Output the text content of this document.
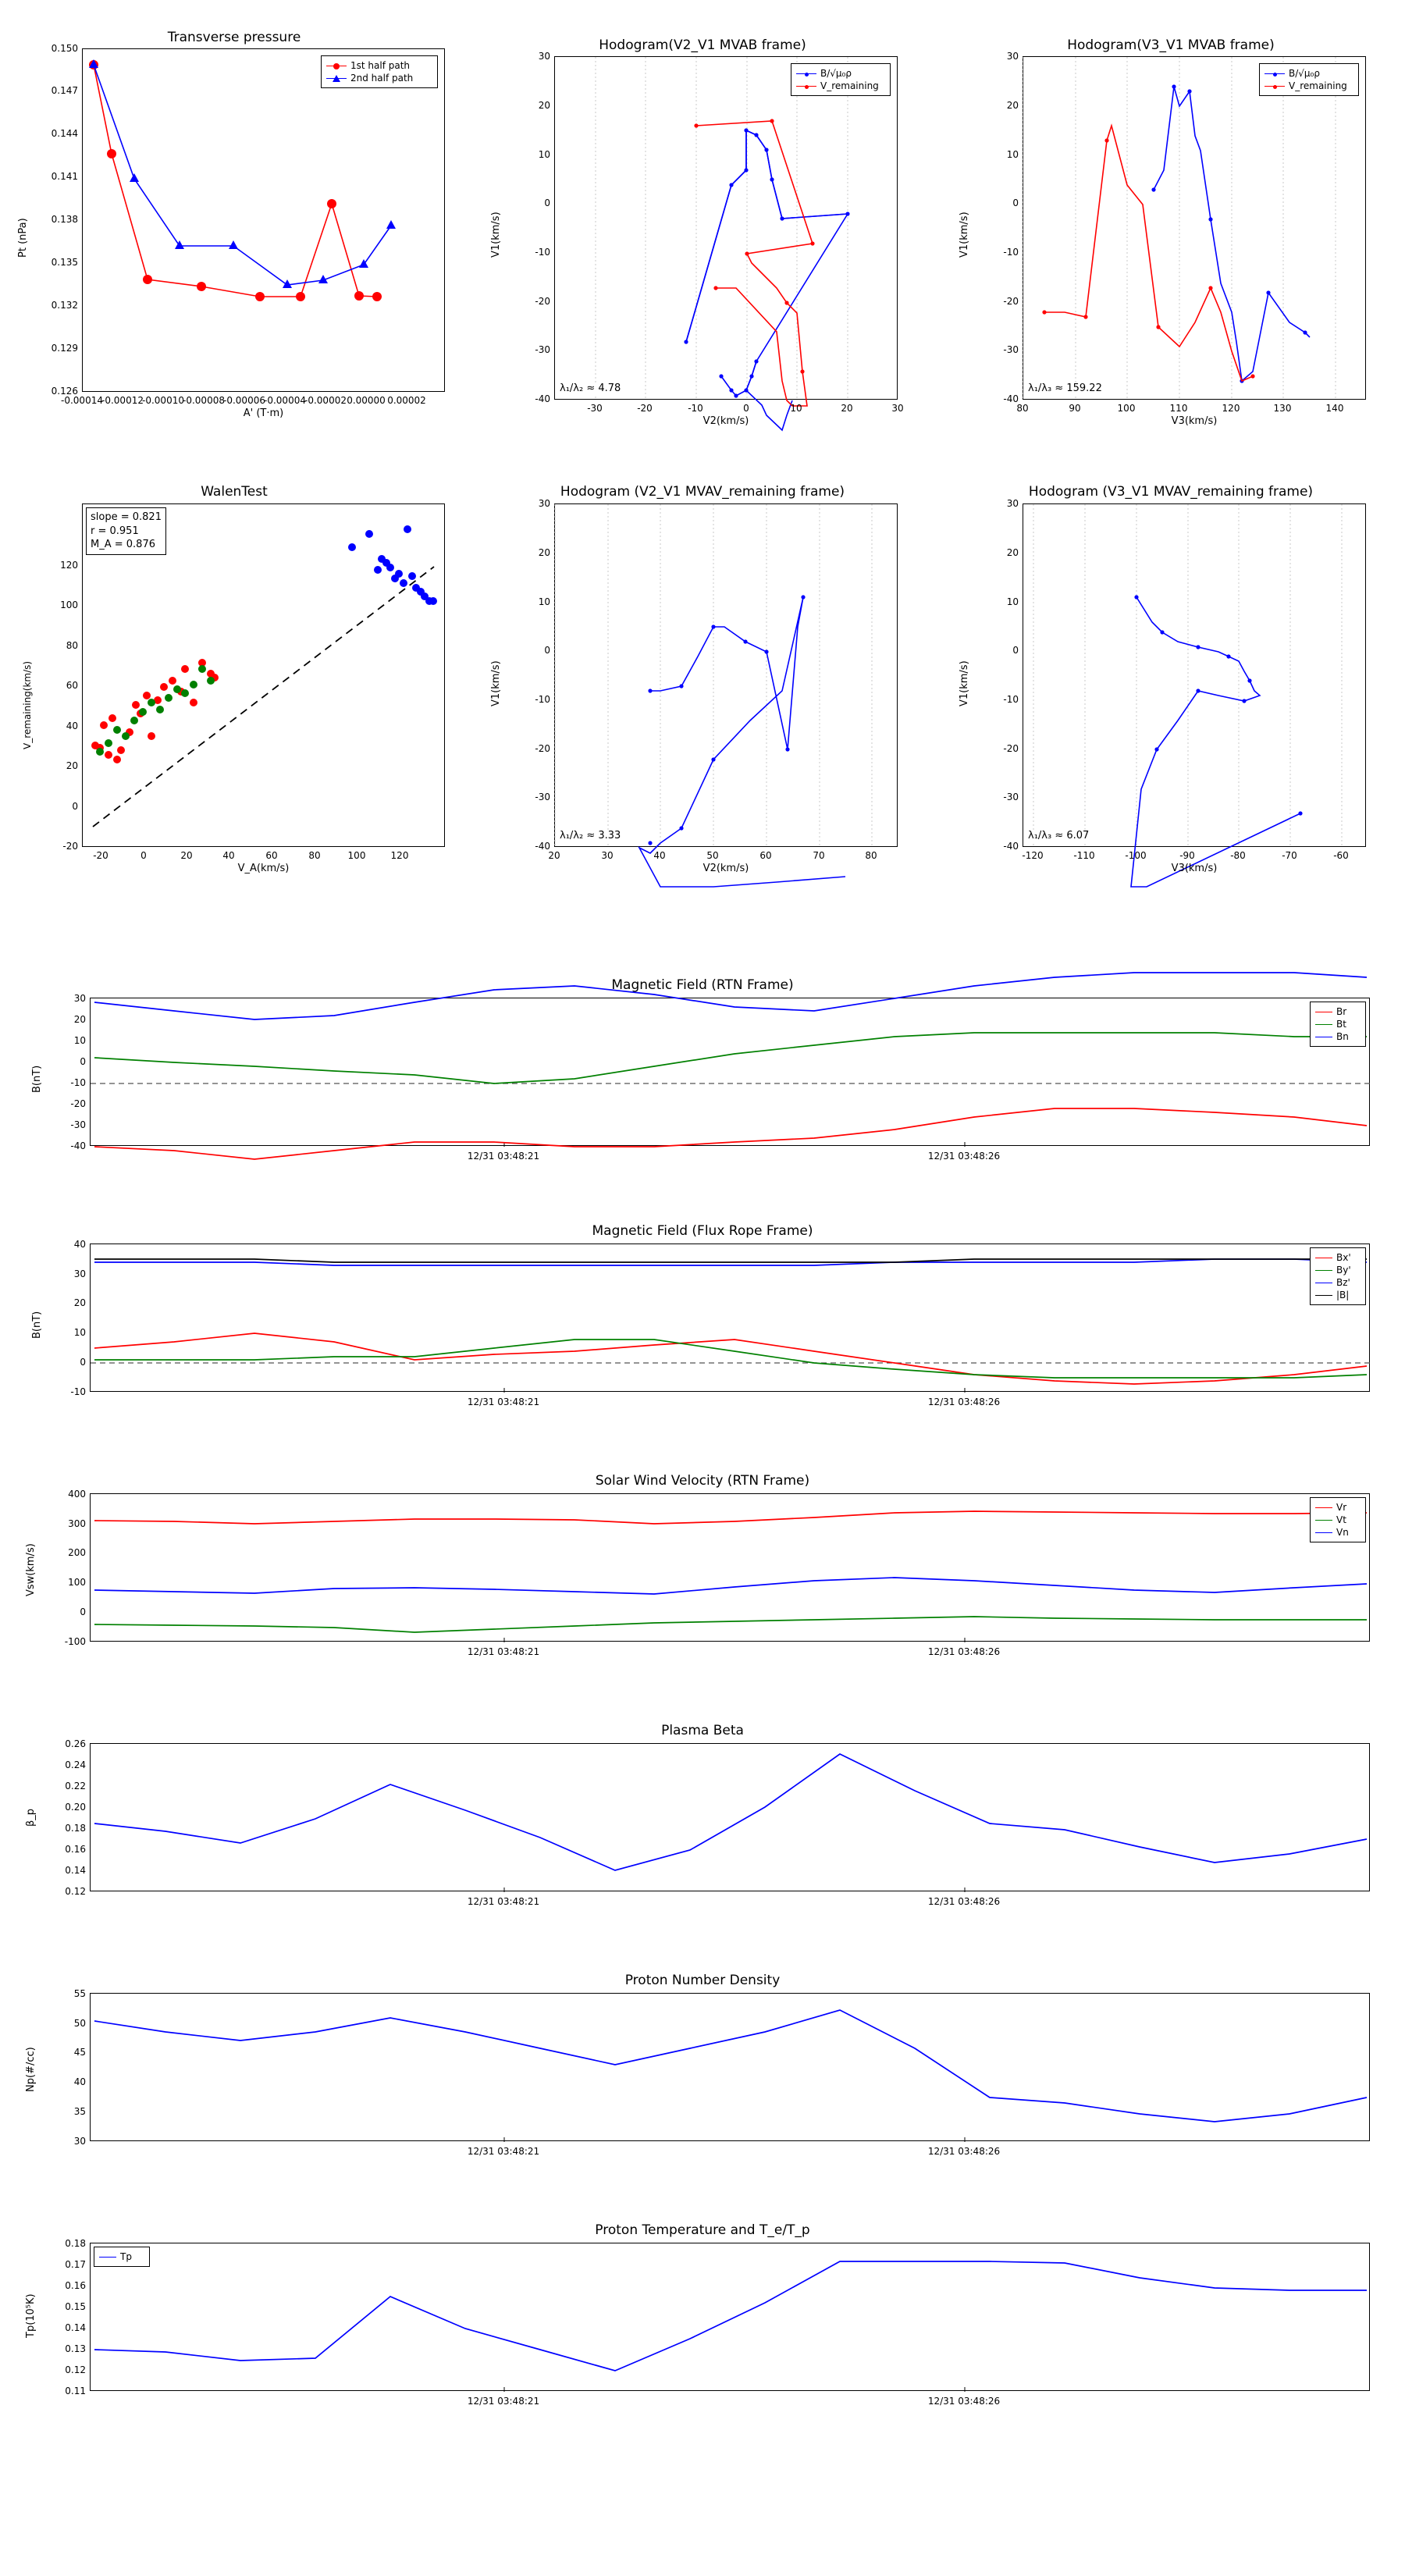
Transverse pressure
1st half path
2nd half path
0.126
0.129
0.132
0.135
0.138
0.141
0.144
0.147
0.150
-0.00014
-0.00012
-0.00010
-0.00008
-0.00006
-0.00004
-0.00002 0.00000 0.00002
A' (T·m)
Pt (nPa)
Hodogram(V2_V1 MVAB frame)
B/√μ₀ρ
V_remaining
λ₁/λ₂ ≈ 4.78
-40
-30
-20
-10
0
10
20
30
-30	-20	-10	0	10	20	30
V2(km/s)
V1(km/s)
Hodogram(V3_V1 MVAB frame)
B/√μ₀ρ
V_remaining
λ₁/λ₃ ≈ 159.22
-40
-30
-20
-10
0
10
20
30
80	90	100	110	120	130	140
V3(km/s)
V1(km/s)
WalenTest
slope = 0.821
r = 0.951
M_A = 0.876
-20
0
20
40
60
80
100
120
-20	0	20	40	60	80	100	120
V_A(km/s)
V_remaining(km/s)
Hodogram (V2_V1 MVAV_remaining frame)
λ₁/λ₂ ≈ 3.33
-40
-30
-20
-10
0
10
20
30
20	30	40	50	60	70	80
V2(km/s)
V1(km/s)
Hodogram (V3_V1 MVAV_remaining frame)
λ₁/λ₃ ≈ 6.07
-40
-30
-20
-10
0
10
20
30
-120	-110	-100	-90	-80	-70	-60
V3(km/s)
V1(km/s)
Magnetic Field (RTN Frame)
Br
Bt
Bn
-40
-30
-20
-10
0
10
20
30
12/31 03:48:21	12/31 03:48:26
B(nT)
Magnetic Field (Flux Rope Frame)
Bx'
By'
Bz'
|B|
-10
0
10
20
30
40
12/31 03:48:21	12/31 03:48:26
B(nT)
Solar Wind Velocity (RTN Frame)
Vr
Vt
Vn
-100
0
100
200
300
400
12/31 03:48:21	12/31 03:48:26
Vsw(km/s)
Plasma Beta
0.12
0.14
0.16
0.18
0.20
0.22
0.24
0.26
12/31 03:48:21	12/31 03:48:26
β_p
Proton Number Density
30
35
40
45
50
55
12/31 03:48:21	12/31 03:48:26
Np(#/cc)
Proton Temperature and T_e/T_p
Tp
0.11
0.12
0.13
0.14
0.15
0.16
0.17
0.18
12/31 03:48:21	12/31 03:48:26
Tp(10⁵K)
